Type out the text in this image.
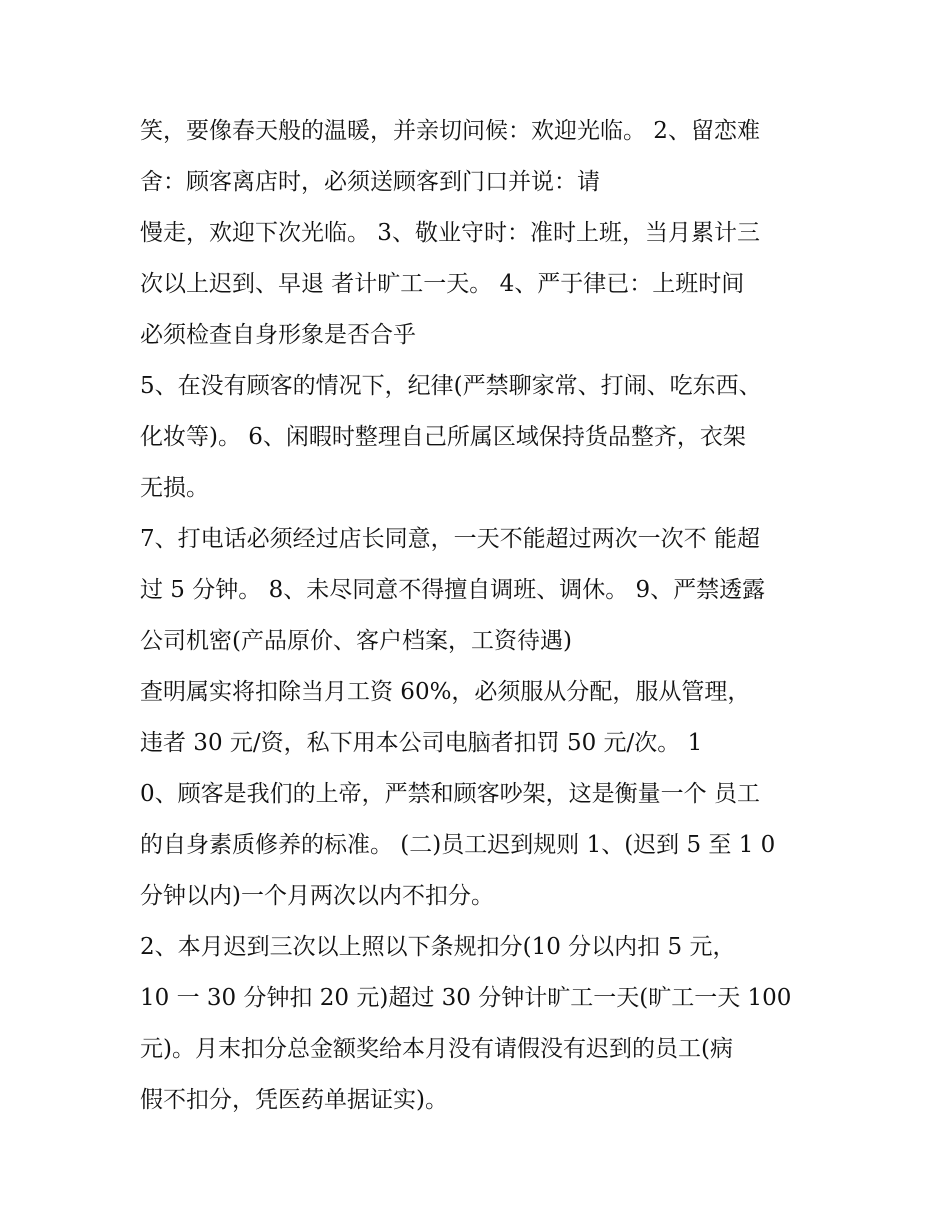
笑，要像春天般的温暖，并亲切问候：欢迎光临。 2、留恋难
舍：顾客离店时，必须送顾客到门口并说：请
慢走，欢迎下次光临。 3、敬业守时：准时上班，当月累计三
次以上迟到、早退 者计旷工一天。 4、严于律已：上班时间
必须检查自身形象是否合乎
5、在没有顾客的情况下，纪律(严禁聊家常、打闹、吃东西、
化妆等)。 6、闲暇时整理自己所属区域保持货品整齐，衣架
无损。
7、打电话必须经过店长同意，一天不能超过两次一次不 能超
过 5 分钟。 8、未尽同意不得擅自调班、调休。 9、严禁透露
公司机密(产品原价、客户档案，工资待遇)
查明属实将扣除当月工资 60%，必须服从分配，服从管理，
违者 30 元/资，私下用本公司电脑者扣罚 50 元/次。 1
0、顾客是我们的上帝，严禁和顾客吵架，这是衡量一个 员工
的自身素质修养的标准。 (二)员工迟到规则 1、(迟到 5 至 1 0
分钟以内)一个月两次以内不扣分。
2、本月迟到三次以上照以下条规扣分(10 分以内扣 5 元，
10 一 30 分钟扣 20 元)超过 30 分钟计旷工一天(旷工一天 100
元)。月末扣分总金额奖给本月没有请假没有迟到的员工(病
假不扣分，凭医药单据证实)。
